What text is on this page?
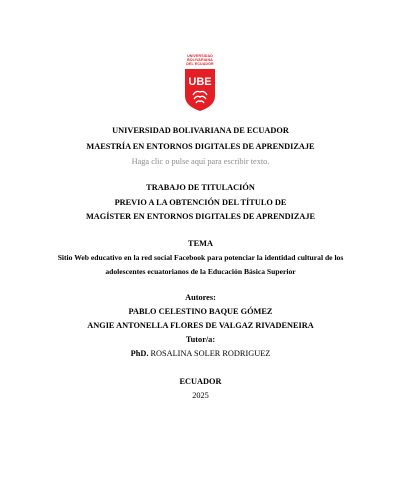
UNIVERSIDAD
BOLIVARIANA
DEL ECUADOR
UBE
UNIVERSIDAD BOLIVARIANA DE ECUADOR
MAESTRÍA EN ENTORNOS DIGITALES DE APRENDIZAJE
Haga clic o pulse aquí para escribir texto.
TRABAJO DE TITULACIÓN
PREVIO A LA OBTENCIÓN DEL TÍTULO DE
MAGÍSTER EN ENTORNOS DIGITALES DE APRENDIZAJE
TEMA
Sitio Web educativo en la red social Facebook para potenciar la identidad cultural de los
adolescentes ecuatorianos de la Educación Básica Superior
Autores:
PABLO CELESTINO BAQUE GÓMEZ
ANGIE ANTONELLA FLORES DE VALGAZ RIVADENEIRA
Tutor/a:
PhD. ROSALINA SOLER RODRIGUEZ
ECUADOR
2025
